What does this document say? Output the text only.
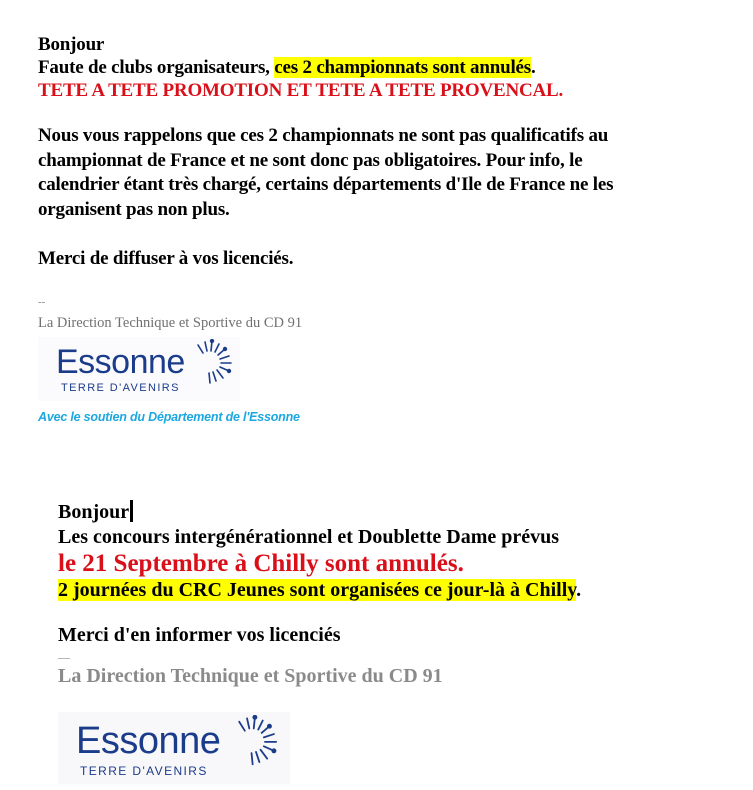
Bonjour
Faute de clubs organisateurs, ces 2 championnats sont annulés.
TETE A TETE PROMOTION ET TETE A TETE PROVENCAL.
Nous vous rappelons que ces 2 championnats ne sont pas qualificatifs au
championnat de France et ne sont donc pas obligatoires. Pour info, le
calendrier étant très chargé, certains départements d'Ile de France ne les
organisent pas non plus.
Merci de diffuser à vos licenciés.
--
La Direction Technique et Sportive du CD 91
Essonne
TERRE D'AVENIRS
Avec le soutien du Département de l'Essonne
Bonjour
Les concours intergénérationnel et Doublette Dame prévus
le 21 Septembre à Chilly sont annulés.
2 journées du CRC Jeunes sont organisées ce jour-là à Chilly.
Merci d'en informer vos licenciés
—
La Direction Technique et Sportive du CD 91
Essonne
TERRE D'AVENIRS
